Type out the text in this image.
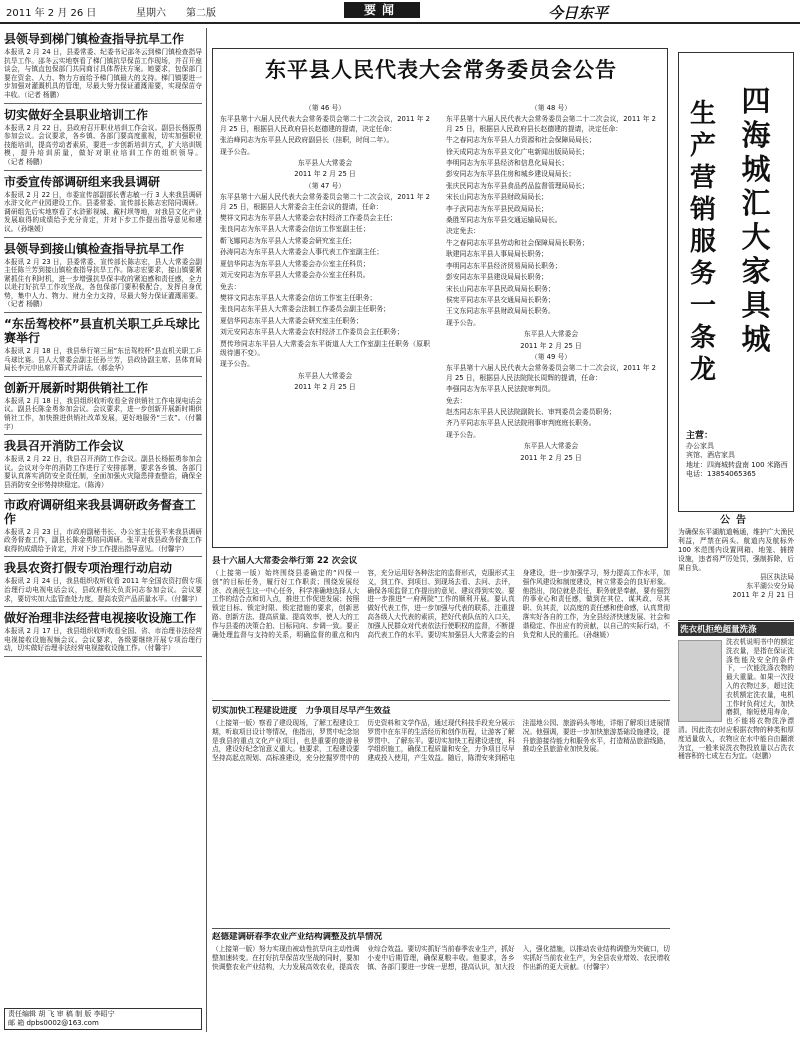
2011 年 2 月 26 日	星期六 第二版	要闻	今日东平
县领导到梯门镇检查指导抗旱工作

本报讯 2 月 24 日，县委常委、纪委书记邵冬云到梯门镇检查指导抗旱工作。邵冬云实地察看了梯门镇抗旱保苗工作现场，并召开座谈会，与镇直包保部门共同商讨具体帮扶方案。她要求，包保部门要在资金、人力、物力方面给予梯门镇最大的支持。梯门镇要进一步加强对灌溉机具的管理，尽最大努力保证灌溉需要，实现保苗夺丰收。（记者 杨鹏）

切实做好全县职业培训工作

本报讯 2 月 22 日，县政府召开职业培训工作会议。副县长杨振勇参加会议。会议要求，各乡镇、各部门要高度重视，切实加强职业技能培训，提高劳动者素质，要进一步创新培训方式，扩大培训规模，提升培训质量，做好对职业培训工作的组织领导。（记者 杨鹏）

市委宣传部调研组来我县调研

本报讯 2 月 22 日，市委宣传部副部长曹志敏一行 3 人来我县调研水浒文化产业园建设工作。县委常委、宣传部长陈志宏陪同调研。调研组先后实地察看了水浒影视城、戴村坝等地，对我县文化产业发展取得的成绩给予充分肯定，并对下步工作提出指导意见和建议。（孙继媛）

县领导到接山镇检查指导抗旱工作

本报讯 2 月 23 日，县委常委、宣传部长陈志宏，县人大常委会副主任陈兰芳到接山镇检查指导抗旱工作。陈志宏要求，接山镇要紧紧抓住有利时机，进一步增强抗旱保丰收的紧迫感和责任感，全力以赴打好抗旱工作攻坚战，各包保部门要积极配合，发挥自身优势，集中人力、物力、财力全力支持，尽最大努力保证灌溉需要。（记者 杨鹏）

“东岳驾校杯”县直机关职工乒乓球比赛举行

本报讯 2 月 18 日，我县举行第三届“东岳驾校杯”县直机关职工乒乓球比赛。县人大常委会副主任孙兰芳，县政协副主席、县体育局局长李元申出席开幕式并讲话。（郝金华）

创新开展新时期供销社工作

本报讯 2 月 18 日，我县组织收听收看全省供销社工作电视电话会议。副县长陈金勇参加会议。会议要求，进一步创新开展新时期供销社工作，加快推进供销社改革发展，更好地服务“三农”。（付馨宇）

我县召开消防工作会议

本报讯 2 月 22 日，我县召开消防工作会议。副县长杨振勇参加会议。会议对今年的消防工作进行了安排部署，要求各乡镇、各部门要认真落实消防安全责任制，全面加强火灾隐患排查整治，确保全县消防安全形势持续稳定。（陈涛）

市政府调研组来我县调研政务督查工作

本报讯 2 月 23 日，市政府副秘书长、办公室主任张平来我县调研政务督查工作，副县长陈金勇陪同调研。张平对我县政务督查工作取得的成绩给予肯定，并对下步工作提出指导意见。（付馨宇）

我县农资打假专项治理行动启动

本报讯 2 月 24 日，我县组织收听收看 2011 年全国农资打假专项治理行动电视电话会议，县政府相关负责同志参加会议。会议要求，要切实加大监管查处力度，提高农资产品质量水平。（付馨宇）

做好治理非法经营电视接收设施工作

本报讯 2 月 17 日，我县组织收听收看全国、省、市治理非法经营电视接收设施视频会议。会议要求，各级要继续开展专项治理行动，切实做好治理非法经营电视接收设施工作。（付馨宇）

责任编辑 胡 飞 审 稿 制 版 李昭宁
邮 箱 dpbs0002@163.com
东平县人民代表大会常务委员会公告

（第 46 号）

东平县第十六届人民代表大会常务委员会第二十二次会议，2011 年 2 月 25 日，根据县人民政府县长赵德建的提请，决定任命：

张治峰同志为东平县人民政府副县长（挂职，时间二年）。

现予公告。

东平县人大常委会

2011 年 2 月 25 日

（第 47 号）

东平县第十六届人民代表大会常务委员会第二十二次会议，2011 年 2 月 25 日，根据县人大常委会主任会议的提请，任命：

樊祥文同志为东平县人大常委会农村经济工作委员会主任；

张良同志为东平县人大常委会信访工作室副主任；

靳飞娜同志为东平县人大常委会研究室主任；

孙涛同志为东平县人大常委会人事代表工作室副主任；

夏信华同志为东平县人大常委会办公室主任科员；

刘元安同志为东平县人大常委会办公室主任科员。

免去：

樊祥文同志东平县人大常委会信访工作室主任职务；

张良同志东平县人大常委会法制工作委员会副主任职务；

夏信华同志东平县人大常委会研究室主任职务；

刘元安同志东平县人大常委会农村经济工作委员会主任职务；

贾传珍同志东平县人大常委会东平街道人大工作室副主任职务（原职级待遇不变）。

现予公告。

东平县人大常委会

2011 年 2 月 25 日

（第 48 号）

东平县第十六届人民代表大会常务委员会第二十二次会议，2011 年 2 月 25 日，根据县人民政府县长赵德建的提请，决定任命：

牛之春同志为东平县人力资源和社会保障局局长；

徐天成同志为东平县文化广电新闻出版局局长；

李明同志为东平县经济和信息化局局长；

彭安同志为东平县住房和城乡建设局局长；

张庆民同志为东平县食品药品监督管理局局长；

宋长山同志为东平县财政局局长；

李子武同志为东平县民政局局长；

桑胜军同志为东平县交通运输局局长。

决定免去：

牛之春同志东平县劳动和社会保障局局长职务；

耿建同志东平县人事局局长职务；

李明同志东平县经济贸易局局长职务；

彭安同志东平县建设局局长职务；

宋长山同志东平县民政局局长职务；

侯宪平同志东平县交通局局长职务；

王文东同志东平县财政局局长职务。

现予公告。

东平县人大常委会

2011 年 2 月 25 日

（第 49 号）

东平县第十六届人民代表大会常务委员会第二十二次会议，2011 年 2 月 25 日，根据县人民法院院长周辉的提请，任命：

李强同志为东平县人民法院审判员。

免去：

赵杰同志东平县人民法院副院长、审判委员会委员职务；

齐乃平同志东平县人民法院刑事审判庭庭长职务。

现予公告。

东平县人大常委会

2011 年 2 月 25 日

县十六届人大常委会举行第 22 次会议

（上接第一版）始终围绕县委确定的“四保一创”的目标任务，履行好工作职责；围绕发展经济、改善民生这一中心任务，科学准确地选择人大工作的结合点和切入点，推进工作促进发展；按照锁定目标、锁定时限、锁定措施的要求，创新思路、创新方法、提高质量、提高效率，使人大的工作与县委的决策合拍、目标同向、步调一致。要正确处理监督与支持的关系，明确监督的重点和内容，充分运用好各种法定的监督形式，克服形式主义，到工作、到项目、到现场去看、去问、去评，确保各项监督工作提出的意见、建议得到实效。要进一步推进“一府两院”工作的顺利开展。要认真做好代表工作，进一步加强与代表的联系，注重提高各级人大代表的素质，把好代表队伍的入口关，加强人民群众对代表依法行使职权的监督，不断提高代表工作的水平。要切实加强县人大常委会的自身建设，进一步加强学习，努力提高工作水平，加强作风建设和制度建设，树立常委会的良好形象。他指出，岗位就是责任，职务就是奉献，要有强烈的事业心和责任感，做到在其位、谋其政、尽其职、负其责，以高度的责任感和使命感，认真贯彻落实好各自的工作，为全县经济快速发展、社会和谐稳定、作出应有的贡献，以自己的实际行动，不负党和人民的重托。（孙继媛）

切实加快工程建设进度　力争项目尽早产生效益

（上接第一版）察看了建设现场，了解工程建设工期，听取项目设计等情况，他指出，罗贯中纪念馆是我县的重点文化产业项目，也是重要的旅游景点，建设好纪念馆意义重大。他要求，工程建设要坚持高起点规划、高标准建设，充分挖掘罗贯中的历史资料和文学作品，通过现代科技手段充分展示罗贯中在东平的生活经历和创作历程，让游客了解罗贯中、了解东平。要切实加快工程建设进度，科学组织施工，确保工程质量和安全，力争项目尽早建成投入使用，产生效益。随后，陈渭安来到稻屯洼湿地公园、旅游码头等地，详细了解项目进展情况。他强调，要进一步加快旅游基础设施建设，提升旅游接待能力和服务水平，打造精品旅游线路，推动全县旅游业加快发展。

赵德建调研春季农业产业结构调整及抗旱情况

（上接第一版）努力实现由被动性抗旱向主动性调整加速转变。在打好抗旱保苗攻坚战的同时，要加快调整农业产业结构，大力发展高效农业，提高农业综合效益。要切实抓好当前春季农业生产，抓好小麦中后期管理，确保夏粮丰收。他要求，各乡镇、各部门要进一步统一思想，提高认识，加大投入，强化措施，以推动农业结构调整为突破口，切实抓好当前农业生产，为全县农业增效、农民增收作出新的更大贡献。（付馨宇）

生
产
营
销
服
务
一
条
龙
四
海
城
汇
大
家
具
城
主营：
办公家具
宾馆、酒店家具
地址：四海城转盘南 100 米路西
电话：13854065365
公告

为确保东平湖航道畅通，维护广大渔民利益，严禁在码头、航道内及航标外 100 米范围内设置网箱、地笼、捕捞设施，违者将严厉处罚，强制拆除，后果自负。

县区执法局

东平湖公安分局

2011 年 2 月 21 日

洗衣机拒绝超量洗涤

洗衣机说明书中的额定洗衣量，是指在保证洗涤性能及安全的条件下，一次能洗涤衣物的最大重量。如果一次投入的衣物过多，超过洗衣机额定洗衣量，电机工作时负荷过大，加快磨损，缩短使用寿命，也不能将衣物洗净漂清。因此洗衣时应根据衣物的种类和厚度适量放入，衣物应在水中能自由翻滚为宜，一般来说洗衣物投放量以占洗衣桶容积的七成左右为宜。（赵鹏）
